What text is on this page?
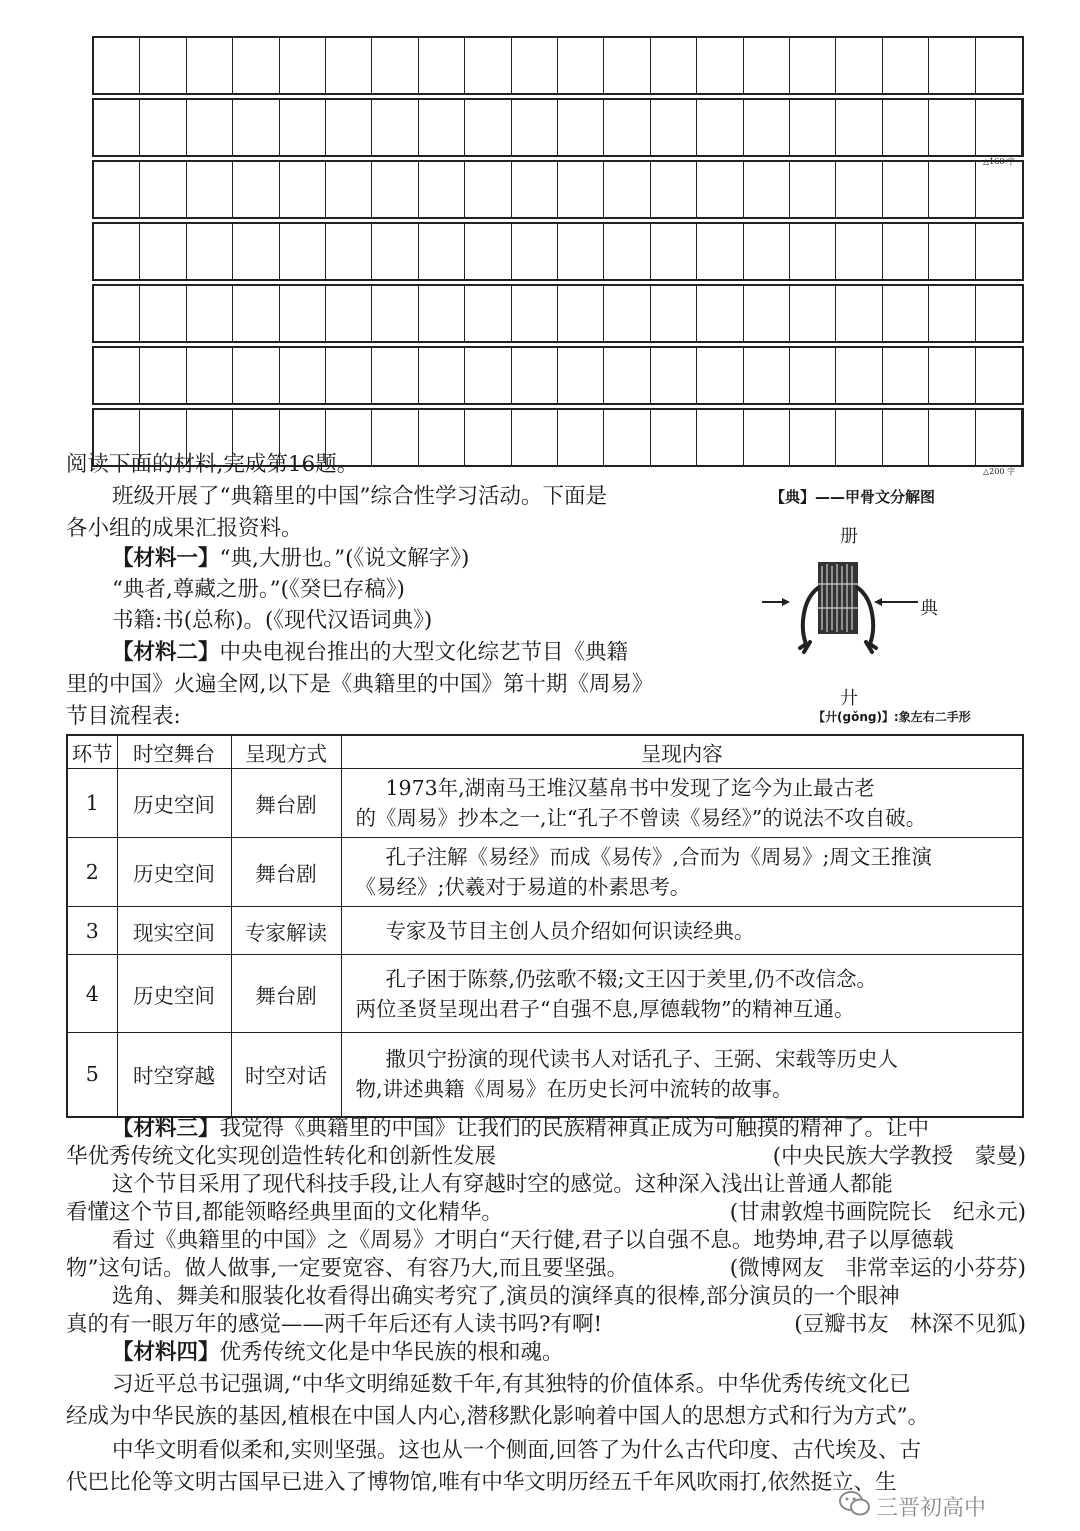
△160 字
△200 字
阅读下面的材料,完成第16题。
班级开展了“典籍里的中国”综合性学习活动。下面是
各小组的成果汇报资料。
【材料一】“典,大册也。”(《说文解字》)
“典者,尊藏之册。”(《癸巳存稿》)
书籍:书(总称)。(《现代汉语词典》)
【材料二】中央电视台推出的大型文化综艺节目《典籍
里的中国》火遍全网,以下是《典籍里的中国》第十期《周易》
节目流程表:
【典】——甲骨文分解图
册
典
廾
【廾(gǒng)】:象左右二手形
环节	时空舞台	呈现方式	呈现内容
1	历史空间	舞台剧	1973年,湖南马王堆汉墓帛书中发现了迄今为止最古老
的《周易》抄本之一,让“孔子不曾读《易经》”的说法不攻自破。
2	历史空间	舞台剧	孔子注解《易经》而成《易传》,合而为《周易》;周文王推演
《易经》;伏羲对于易道的朴素思考。
3	现实空间	专家解读	专家及节目主创人员介绍如何识读经典。
4	历史空间	舞台剧	孔子困于陈蔡,仍弦歌不辍;文王囚于羑里,仍不改信念。
两位圣贤呈现出君子“自强不息,厚德载物”的精神互通。
5	时空穿越	时空对话	撒贝宁扮演的现代读书人对话孔子、王弼、宋载等历史人
物,讲述典籍《周易》在历史长河中流转的故事。
【材料三】我觉得《典籍里的中国》让我们的民族精神真正成为可触摸的精神了。让中
华优秀传统文化实现创造性转化和创新性发展	(中央民族大学教授　蒙曼)
这个节目采用了现代科技手段,让人有穿越时空的感觉。这种深入浅出让普通人都能
看懂这个节目,都能领略经典里面的文化精华。	(甘肃敦煌书画院院长　纪永元)
看过《典籍里的中国》之《周易》才明白“天行健,君子以自强不息。地势坤,君子以厚德载
物”这句话。做人做事,一定要宽容、有容乃大,而且要坚强。	(微博网友　非常幸运的小芬芬)
选角、舞美和服装化妆看得出确实考究了,演员的演绎真的很棒,部分演员的一个眼神
真的有一眼万年的感觉——两千年后还有人读书吗?有啊!	(豆瓣书友　林深不见狐)
【材料四】优秀传统文化是中华民族的根和魂。
习近平总书记强调,“中华文明绵延数千年,有其独特的价值体系。中华优秀传统文化已
经成为中华民族的基因,植根在中国人内心,潜移默化影响着中国人的思想方式和行为方式”。
中华文明看似柔和,实则坚强。这也从一个侧面,回答了为什么古代印度、古代埃及、古
代巴比伦等文明古国早已进入了博物馆,唯有中华文明历经五千年风吹雨打,依然挺立、生
三晋初高中
